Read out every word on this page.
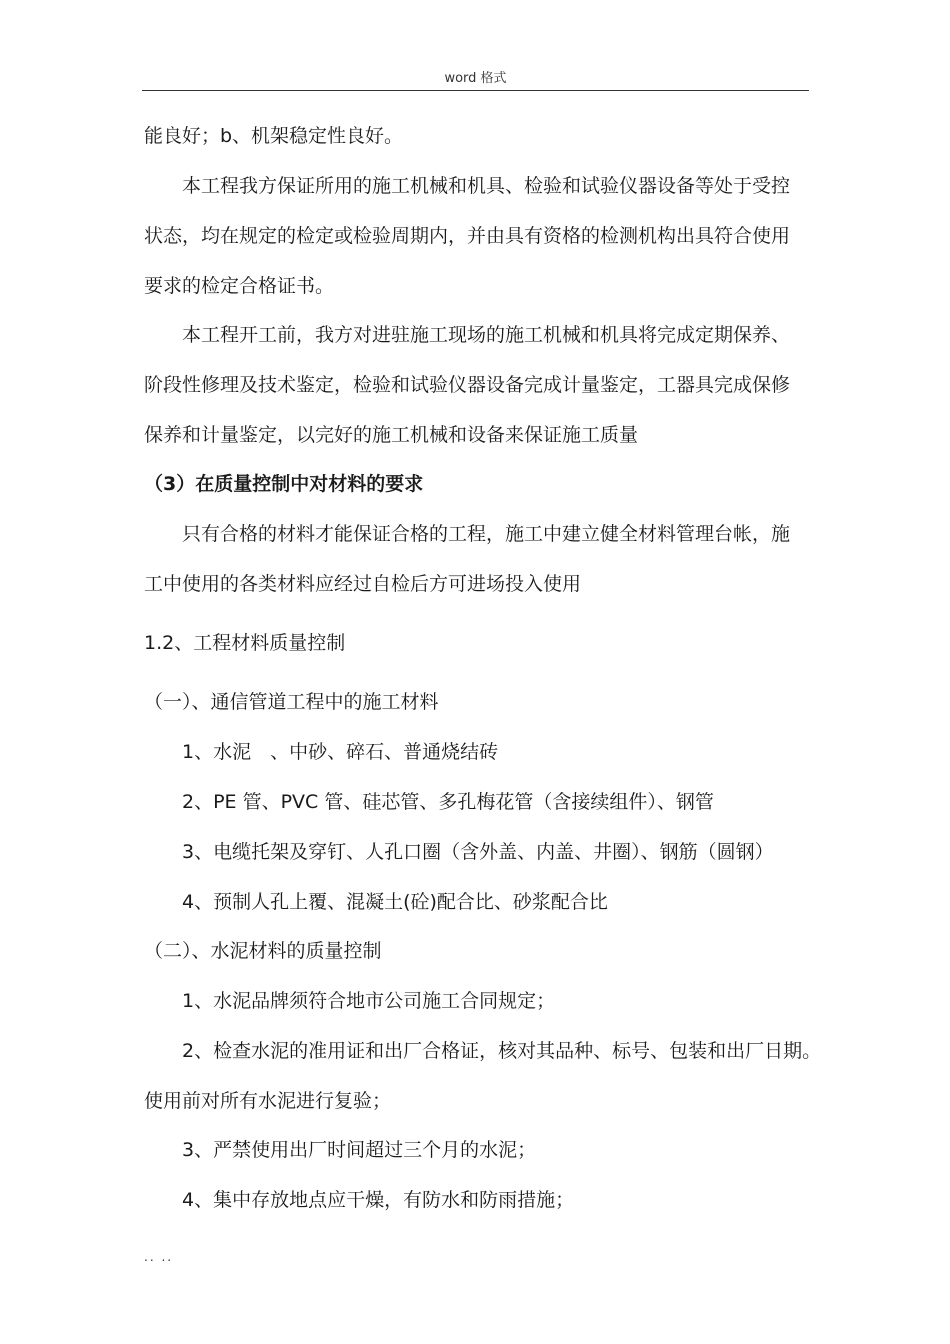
word 格式
能良好；b、机架稳定性良好。
本工程我方保证所用的施工机械和机具、检验和试验仪器设备等处于受控
状态，均在规定的检定或检验周期内，并由具有资格的检测机构出具符合使用
要求的检定合格证书。
本工程开工前，我方对进驻施工现场的施工机械和机具将完成定期保养、
阶段性修理及技术鉴定，检验和试验仪器设备完成计量鉴定，工器具完成保修
保养和计量鉴定，以完好的施工机械和设备来保证施工质量
（3）在质量控制中对材料的要求
只有合格的材料才能保证合格的工程，施工中建立健全材料管理台帐，施
工中使用的各类材料应经过自检后方可进场投入使用
1.2、工程材料质量控制
（一）、通信管道工程中的施工材料
1、水泥　、中砂、碎石、普通烧结砖
2、PE 管、PVC 管、硅芯管、多孔梅花管（含接续组件）、钢管
3、电缆托架及穿钉、人孔口圈（含外盖、内盖、井圈）、钢筋（圆钢）
4、预制人孔上覆、混凝土(砼)配合比、砂浆配合比
（二）、水泥材料的质量控制
1、水泥品牌须符合地市公司施工合同规定；
2、检查水泥的准用证和出厂合格证，核对其品种、标号、包装和出厂日期。
使用前对所有水泥进行复验；
3、严禁使用出厂时间超过三个月的水泥；
4、集中存放地点应干燥，有防水和防雨措施；
.. ..
